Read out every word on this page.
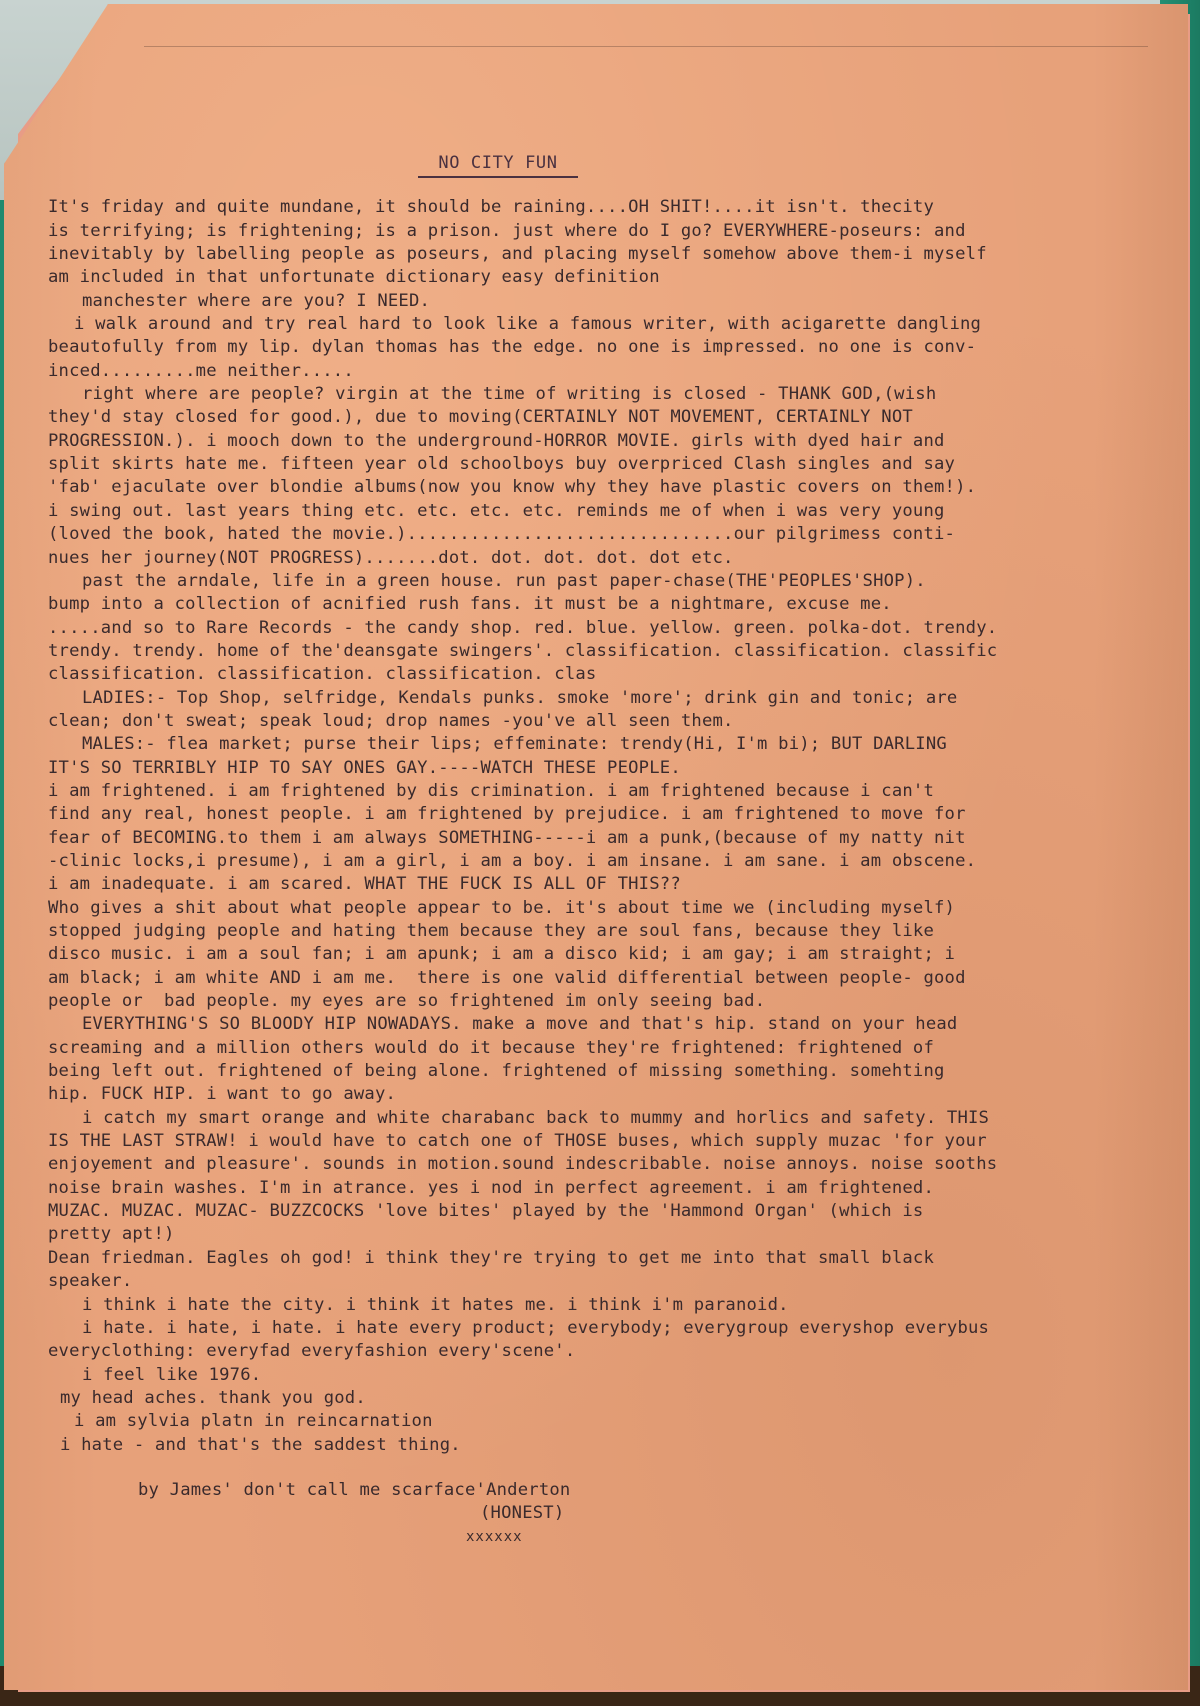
NO CITY FUN
It's friday and quite mundane, it should be raining....OH SHIT!....it isn't. thecity
is terrifying; is frightening; is a prison. just where do I go? EVERYWHERE-poseurs: and
inevitably by labelling people as poseurs, and placing myself somehow above them-i myself
am included in that unfortunate dictionary easy definition
manchester where are you? I NEED.
i walk around and try real hard to look like a famous writer, with acigarette dangling
beautofully from my lip. dylan thomas has the edge. no one is impressed. no one is conv-
inced.........me neither.....
right where are people? virgin at the time of writing is closed - THANK GOD,(wish
they'd stay closed for good.), due to moving(CERTAINLY NOT MOVEMENT, CERTAINLY NOT
PROGRESSION.). i mooch down to the underground-HORROR MOVIE. girls with dyed hair and
split skirts hate me. fifteen year old schoolboys buy overpriced Clash singles and say
'fab' ejaculate over blondie albums(now you know why they have plastic covers on them!).
i swing out. last years thing etc. etc. etc. etc. reminds me of when i was very young
(loved the book, hated the movie.)...............................our pilgrimess conti-
nues her journey(NOT PROGRESS).......dot. dot. dot. dot. dot etc.
past the arndale, life in a green house. run past paper-chase(THE'PEOPLES'SHOP).
bump into a collection of acnified rush fans. it must be a nightmare, excuse me.
.....and so to Rare Records - the candy shop. red. blue. yellow. green. polka-dot. trendy.
trendy. trendy. home of the'deansgate swingers'. classification. classification. classific
classification. classification. classification. clas
LADIES:- Top Shop, selfridge, Kendals punks. smoke 'more'; drink gin and tonic; are
clean; don't sweat; speak loud; drop names -you've all seen them.
MALES:- flea market; purse their lips; effeminate: trendy(Hi, I'm bi); BUT DARLING
IT'S SO TERRIBLY HIP TO SAY ONES GAY.----WATCH THESE PEOPLE.
i am frightened. i am frightened by dis crimination. i am frightened because i can't
find any real, honest people. i am frightened by prejudice. i am frightened to move for
fear of BECOMING.to them i am always SOMETHING-----i am a punk,(because of my natty nit
-clinic locks,i presume), i am a girl, i am a boy. i am insane. i am sane. i am obscene.
i am inadequate. i am scared. WHAT THE FUCK IS ALL OF THIS??
Who gives a shit about what people appear to be. it's about time we (including myself)
stopped judging people and hating them because they are soul fans, because they like
disco music. i am a soul fan; i am apunk; i am a disco kid; i am gay; i am straight; i
am black; i am white AND i am me.  there is one valid differential between people- good
people or  bad people. my eyes are so frightened im only seeing bad.
EVERYTHING'S SO BLOODY HIP NOWADAYS. make a move and that's hip. stand on your head
screaming and a million others would do it because they're frightened: frightened of
being left out. frightened of being alone. frightened of missing something. somehting
hip. FUCK HIP. i want to go away.
i catch my smart orange and white charabanc back to mummy and horlics and safety. THIS
IS THE LAST STRAW! i would have to catch one of THOSE buses, which supply muzac 'for your
enjoyement and pleasure'. sounds in motion.sound indescribable. noise annoys. noise sooths
noise brain washes. I'm in atrance. yes i nod in perfect agreement. i am frightened.
MUZAC. MUZAC. MUZAC- BUZZCOCKS 'love bites' played by the 'Hammond Organ' (which is
pretty apt!)
Dean friedman. Eagles oh god! i think they're trying to get me into that small black
speaker.
i think i hate the city. i think it hates me. i think i'm paranoid.
i hate. i hate, i hate. i hate every product; everybody; everygroup everyshop everybus
everyclothing: everyfad everyfashion every'scene'.
i feel like 1976.
my head aches. thank you god.
i am sylvia platn in reincarnation
i hate - and that's the saddest thing.
by James' don't call me scarface'Anderton
(HONEST)
xxxxxx
